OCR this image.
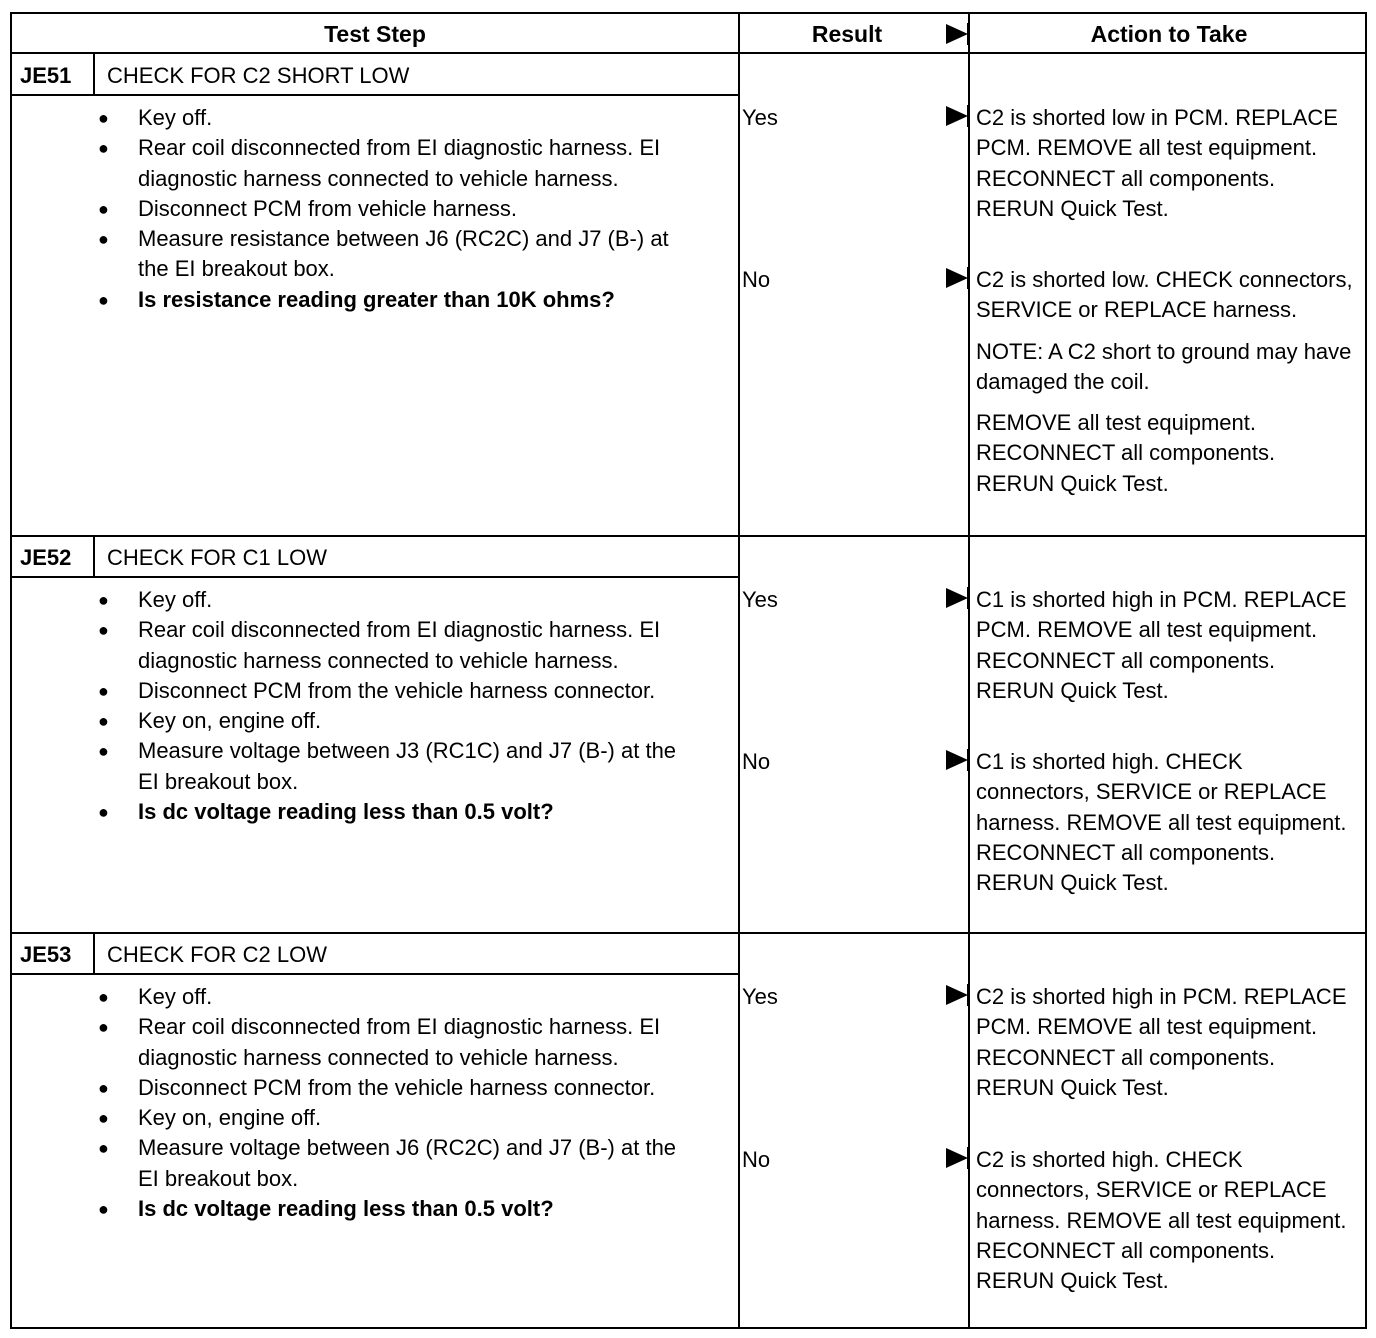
Test Step	Result	Action to Take
JE51 CHECK FOR C2 SHORT LOW
● Key off.
● Rear coil disconnected from EI diagnostic harness. EI diagnostic harness connected to vehicle harness.
● Disconnect PCM from vehicle harness.
● Measure resistance between J6 (RC2C) and J7 (B-) at the EI breakout box.
● Is resistance reading greater than 10K ohms?
Yes	C2 is shorted low in PCM. REPLACE PCM. REMOVE all test equipment. RECONNECT all components. RERUN Quick Test.

No	C2 is shorted low. CHECK connectors, SERVICE or REPLACE harness.

NOTE: A C2 short to ground may have damaged the coil.

REMOVE all test equipment. RECONNECT all components. RERUN Quick Test.

JE52 CHECK FOR C1 LOW
● Key off.
● Rear coil disconnected from EI diagnostic harness. EI diagnostic harness connected to vehicle harness.
● Disconnect PCM from the vehicle harness connector.
● Key on, engine off.
● Measure voltage between J3 (RC1C) and J7 (B-) at the EI breakout box.
● Is dc voltage reading less than 0.5 volt?
Yes	C1 is shorted high in PCM. REPLACE PCM. REMOVE all test equipment. RECONNECT all components. RERUN Quick Test.

No	C1 is shorted high. CHECK connectors, SERVICE or REPLACE harness. REMOVE all test equipment. RECONNECT all components. RERUN Quick Test.

JE53 CHECK FOR C2 LOW
● Key off.
● Rear coil disconnected from EI diagnostic harness. EI diagnostic harness connected to vehicle harness.
● Disconnect PCM from the vehicle harness connector.
● Key on, engine off.
● Measure voltage between J6 (RC2C) and J7 (B-) at the EI breakout box.
● Is dc voltage reading less than 0.5 volt?
Yes	C2 is shorted high in PCM. REPLACE PCM. REMOVE all test equipment. RECONNECT all components. RERUN Quick Test.

No	C2 is shorted high. CHECK connectors, SERVICE or REPLACE harness. REMOVE all test equipment. RECONNECT all components. RERUN Quick Test.
